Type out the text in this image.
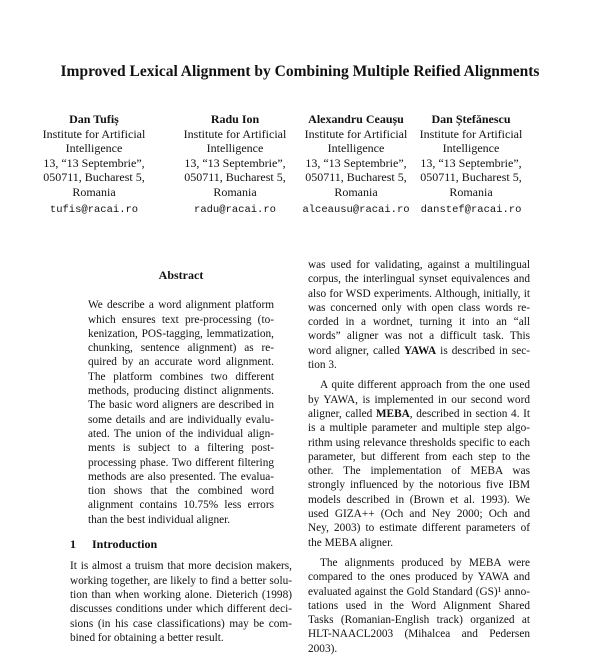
Improved Lexical Alignment by Combining Multiple Reified Alignments
Dan Tufiș
Institute for Artificial
Intelligence
13, “13 Septembrie”,
050711, Bucharest 5,
Romania
tufis@racai.ro
Radu Ion
Institute for Artificial
Intelligence
13, “13 Septembrie”,
050711, Bucharest 5,
Romania
radu@racai.ro
Alexandru Ceaușu
Institute for Artificial
Intelligence
13, “13 Septembrie”,
050711, Bucharest 5,
Romania
alceausu@racai.ro
Dan Ștefănescu
Institute for Artificial
Intelligence
13, “13 Septembrie”,
050711, Bucharest 5,
Romania
danstef@racai.ro
Abstract

We describe a word alignment platform which ensures text pre-processing (to-kenization, POS-tagging, lemmatization, chunking, sentence alignment) as re-quired by an accurate word alignment. The platform combines two different methods, producing distinct alignments. The basic word aligners are described in some details and are individually evalu-ated. The union of the individual align-ments is subject to a filtering post-processing phase. Two different filtering methods are also presented. The evalua-tion shows that the combined word alignment contains 10.75% less errors than the best individual aligner.

1 Introduction

It is almost a truism that more decision makers, working together, are likely to find a better solu-tion than when working alone. Dieterich (1998) discusses conditions under which different deci-sions (in his case classifications) may be com-bined for obtaining a better result.

was used for validating, against a multilingual corpus, the interlingual synset equivalences and also for WSD experiments. Although, initially, it was concerned only with open class words re-corded in a wordnet, turning it into an “all words” aligner was not a difficult task. This word aligner, called YAWA is described in sec-tion 3.

A quite different approach from the one used by YAWA, is implemented in our second word aligner, called MEBA, described in section 4. It is a multiple parameter and multiple step algo-rithm using relevance thresholds specific to each parameter, but different from each step to the other. The implementation of MEBA was strongly influenced by the notorious five IBM models described in (Brown et al. 1993). We used GIZA++ (Och and Ney 2000; Och and Ney, 2003) to estimate different parameters of the MEBA aligner.

The alignments produced by MEBA were compared to the ones produced by YAWA and evaluated against the Gold Standard (GS)¹ anno-tations used in the Word Alignment Shared Tasks (Romanian-English track) organized at HLT-NAACL2003 (Mihalcea and Pedersen 2003).
